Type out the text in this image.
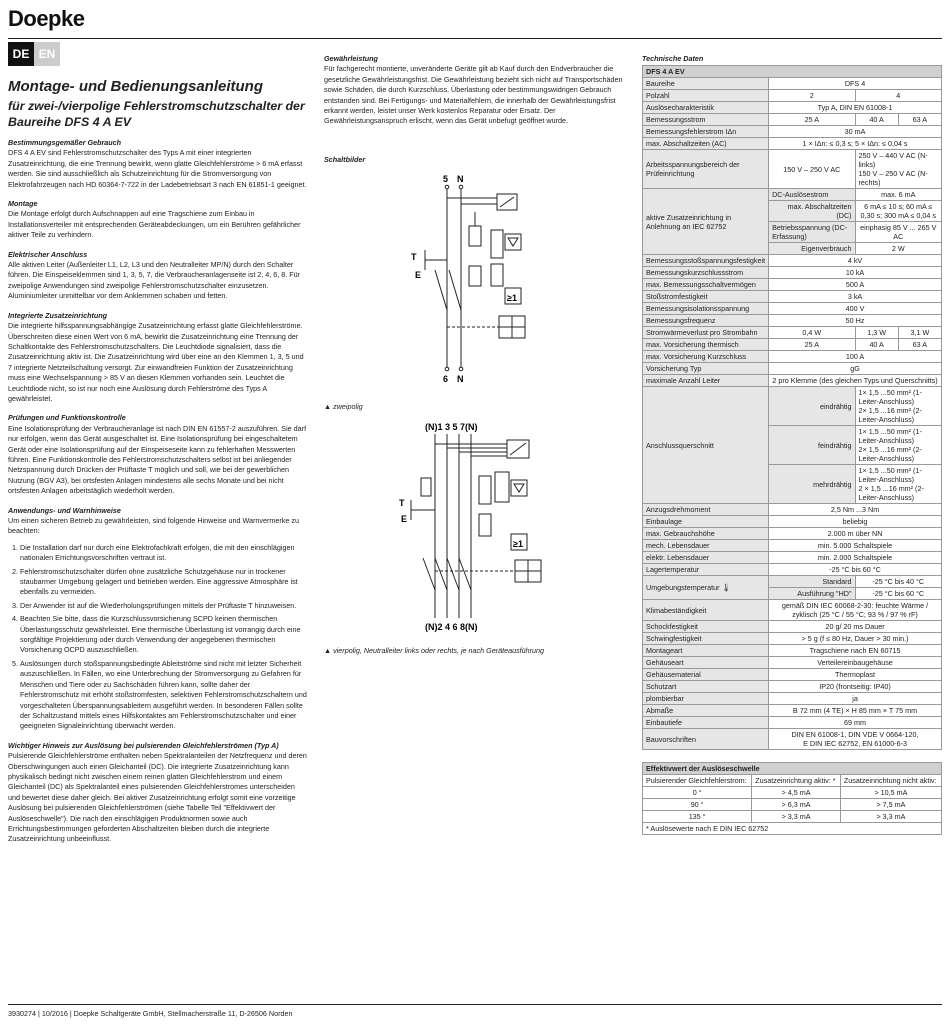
Doepke
DE EN
Montage- und Bedienungsanleitung
für zwei-/vierpolige Fehlerstromschutzschalter der Baureihe DFS 4 A EV
Bestimmungsgemäßer Gebrauch

DFS 4 A EV sind Fehlerstromschutzschalter des Typs A mit einer integrierten Zusatzeinrichtung, die eine Trennung bewirkt, wenn glatte Gleichfehlerströme > 6 mA erfasst werden. Sie sind ausschließlich als Schutzeinrichtung für die Stromversorgung von Elektrofahrzeugen nach HD 60364-7-722 in der Ladebetriebsart 3 nach EN 61851-1 geeignet.

Montage

Die Montage erfolgt durch Aufschnappen auf eine Tragschiene zum Einbau in Installationsverteiler mit entsprechenden Geräteabdeckungen, um ein Berühren gefährlicher aktiver Teile zu verhindern.

Elektrischer Anschluss

Alle aktiven Leiter (Außenleiter L1, L2, L3 und den Neutralleiter MP/N) durch den Schalter führen. Die Einspeiseklemmen sind 1, 3, 5, 7, die Verbraucheranlagenseite ist 2, 4, 6, 8. Für zweipolige Anwendungen sind zweipolige Fehlerstromschutzschalter einzusetzen. Aluminiumleiter unmittelbar vor dem Anklemmen schaben und fetten.

Integrierte Zusatzeinrichtung

Die integrierte hilfsspannungsabhängige Zusatzeinrichtung erfasst glatte Gleichfehlerströme. Überschreiten diese einen Wert von 6 mA, bewirkt die Zusatzeinrichtung eine Trennung der Schaltkontakte des Fehlerstromschutzschalters. Die Leuchtdiode signalisiert, dass die Zusatzeinrichtung aktiv ist. Die Zusatzeinrichtung wird über eine an den Klemmen 1, 3, 5 und 7 integrierte Netzteilschaltung versorgt. Zur einwandfreien Funktion der Zusatzeinrichtung muss eine Wechselspannung > 85 V an diesen Klemmen vorhanden sein. Leuchtet die Leuchtdiode nicht, so ist nur noch eine Auslösung durch Fehlerströme des Typs A gewährleistet.

Prüfungen und Funktionskontrolle

Eine Isolationsprüfung der Verbraucheranlage ist nach DIN EN 61557-2 auszuführen. Sie darf nur erfolgen, wenn das Gerät ausgeschaltet ist. Eine Isolationsprüfung bei eingeschaltetem Gerät oder eine Isolationsprüfung auf der Einspeiseseite kann zu fehlerhaften Messwerten führen. Eine Funktionskontrolle des Fehlerstromschutzschalters selbst ist bei anliegender Netzspannung durch Drücken der Prüftaste T möglich und soll, wie bei der gewerblichen Nutzung (BGV A3), bei ortsfesten Anlagen mindestens alle sechs Monate und bei nicht ortsfesten Anlagen arbeitstäglich wiederholt werden.

Anwendungs- und Warnhinweise

Um einen sicheren Betrieb zu gewährleisten, sind folgende Hinweise und Warnvermerke zu beachten:

1. Die Installation darf nur durch eine Elektrofachkraft erfolgen, die mit den einschlägigen nationalen Errichtungsvorschriften vertraut ist.
2. Fehlerstromschutzschalter dürfen ohne zusätzliche Schutzgehäuse nur in trockener staubarmer Umgebung gelagert und betrieben werden. Eine aggressive Atmosphäre ist ebenfalls zu vermeiden.
3. Der Anwender ist auf die Wiederholungsprüfungen mittels der Prüftaste T hinzuweisen.
4. Beachten Sie bitte, dass die Kurzschlussvorsicherung SCPD keinen thermischen Überlastungsschutz gewährleistet. Eine thermische Überlastung ist vorrangig durch eine sorgfältige Projektierung oder durch Verwendung der angegebenen thermischen Vorsicherung OCPD auszuschließen.
5. Auslösungen durch stoßspannungsbedingte Ableitströme sind nicht mit letzter Sicherheit auszuschließen. In Fällen, wo eine Unterbrechung der Stromversorgung zu Gefahren für Menschen und Tiere oder zu Sachschäden führen kann, sollte daher der Fehlerstromschutz mit erhöht stoßstromfesten, selektiven Fehlerstromschutzschaltern und vorgeschalteten Überspannungsableitern ausgeführt werden. In besonderen Fällen sollte der Schaltzustand mittels eines Hilfskontaktes am Fehlerstromschutzschalter und einer geeigneten Signaleinrichtung überwacht werden.
Wichtiger Hinweis zur Auslösung bei pulsierenden Gleichfehlerströmen (Typ A)

Pulsierende Gleichfehlerströme enthalten neben Spektralanteilen der Netzfrequenz und deren Oberschwingungen auch einen Gleichanteil (DC). Die integrierte Zusatzeinrichtung kann physikalisch bedingt nicht zwischen einem reinen glatten Gleichfehlerstrom und einem Gleichanteil (DC) als Spektralanteil eines pulsierenden Gleichfehlerstromes unterscheiden und bewertet diese daher gleich. Bei aktiver Zusatzeinrichtung erfolgt somit eine vorzeitige Auslösung bei pulsierenden Gleichfehlerströmen (siehe Tabelle Teil "Effektivwert der Auslöseschwelle"). Die nach den einschlägigen Produktnormen sowie auch Errichtungsbestimmungen geforderten Abschaltzeiten bleiben durch die integrierte Zusatzeinrichtung unbeeinflusst.

Gewährleistung

Für fachgerecht montierte, unveränderte Geräte gilt ab Kauf durch den Endverbraucher die gesetzliche Gewährleistungsfrist. Die Gewährleistung bezieht sich nicht auf Transportschäden sowie Schäden, die durch Kurzschluss, Überlastung oder bestimmungswidrigen Gebrauch entstanden sind. Bei Fertigungs- und Materialfehlern, die innerhalb der Gewährleistungsfrist erkannt werden, leistet unser Werk kostenlos Reparatur oder Ersatz. Der Gewährleistungsanspruch erlischt, wenn das Gerät unbefugt geöffnet wurde.

Schaltbilder
5 N
6 N
T
E
≥1
▲ zweipolig
(N)1 3 5 7(N)
(N)2 4 6 8(N)
T
E
≥1
▲ vierpolig, Neutralleiter links oder rechts, je nach Geräteausführung
Technische Daten
DFS 4 A EV			
Baureihe	DFS 4		
Polzahl	2	4	
Auslösecharakteristik	Typ A, DIN EN 61008-1		
Bemessungsstrom	25 A	40 A	63 A
Bemessungsfehlerstrom IΔn	30 mA		
max. Abschaltzeiten (AC)	1 × IΔn: ≤ 0,3 s; 5 × IΔn: ≤ 0,04 s		
Arbeitsspannungsbereich der Prüfeinrichtung	150 V – 250 V AC	250 V – 440 V AC (N-links)
150 V – 250 V AC (N-rechts)	
aktive Zusatzeinrichtung in Anlehnung an IEC 62752	DC-Auslösestrom	max. 6 mA	
	max. Abschaltzeiten (DC)	6 mA ≤ 10 s; 60 mA ≤ 0,30 s; 300 mA ≤ 0,04 s	
	Betriebsspannung (DC-Erfassung)	einphasig 85 V ... 265 V AC	
	Eigenverbrauch	2 W	
Bemessungsstoßspannungsfestigkeit	4 kV		
Bemessungskurzschlussstrom	10 kA		
max. Bemessungsschaltvermögen	500 A		
Stoßstromfestigkeit	3 kA		
Bemessungsisolationsspannung	400 V		
Bemessungsfrequenz	50 Hz		
Stromwärmeverlust pro Strombahn	0,4 W	1,3 W	3,1 W
max. Vorsicherung thermisch	25 A	40 A	63 A
max. Vorsicherung Kurzschluss	100 A		
Vorsicherung Typ	gG		
maximale Anzahl Leiter	2 pro Klemme (des gleichen Typs und Querschnitts)		
Anschlussquerschnitt	eindrähtig	1× 1,5 ...50 mm² (1-Leiter-Anschluss)
2× 1,5 ...16 mm² (2-Leiter-Anschluss)	
	feindrähtig	1× 1,5 ...50 mm² (1-Leiter-Anschluss)
2× 1,5 ...16 mm² (2-Leiter-Anschluss)	
	mehrdrähtig	1× 1,5 ...50 mm² (1-Leiter-Anschluss)
2 × 1,5 ...16 mm² (2-Leiter-Anschluss)	
Anzugsdrehmoment	2,5 Nm ...3 Nm		
Einbaulage	beliebig		
max. Gebrauchshöhe	2.000 m über NN		
mech. Lebensdauer	min. 5.000 Schaltspiele		
elektr. Lebensdauer	min. 2.000 Schaltspiele		
Lagertemperatur	-25 °C bis 60 °C		
Umgebungstemperatur 🌡	Standard	-25 °C bis 40 °C	
	Ausführung "HD"	-25 °C bis 60 °C	
Klimabeständigkeit	gemäß DIN IEC 60068-2-30: feuchte Wärme / zyklisch (25 °C / 55 °C; 93 % / 97 % rF)		
Schockfestigkeit	20 g/ 20 ms Dauer		
Schwingfestigkeit	> 5 g (f ≤ 80 Hz, Dauer > 30 min.)		
Montageart	Tragschiene nach EN 60715		
Gehäuseart	Verteilereinbaugehäuse		
Gehäusematerial	Thermoplast		
Schutzart	IP20 (frontseitig: IP40)		
plombierbar	ja		
Abmaße	B 72 mm (4 TE) × H 85 mm × T 75 mm		
Einbautiefe	69 mm		
Bauvorschriften	DIN EN 61008-1, DIN VDE V 0664-120,
E DIN IEC 62752, EN 61000-6-3		
Effektivwert der Auslöseschwelle		
Pulsierender Gleichfehlerstrom:	Zusatzeinrichtung aktiv: *	Zusatzeinrichtung nicht aktiv:
0 °	> 4,5 mA	> 10,5 mA
90 °	> 6,3 mA	> 7,5 mA
135 °	> 3,3 mA	> 3,3 mA
* Auslösewerte nach E DIN IEC 62752		
3930274 | 10/2016 | Doepke Schaltgeräte GmbH, Stellmacherstraße 11, D-26506 Norden
